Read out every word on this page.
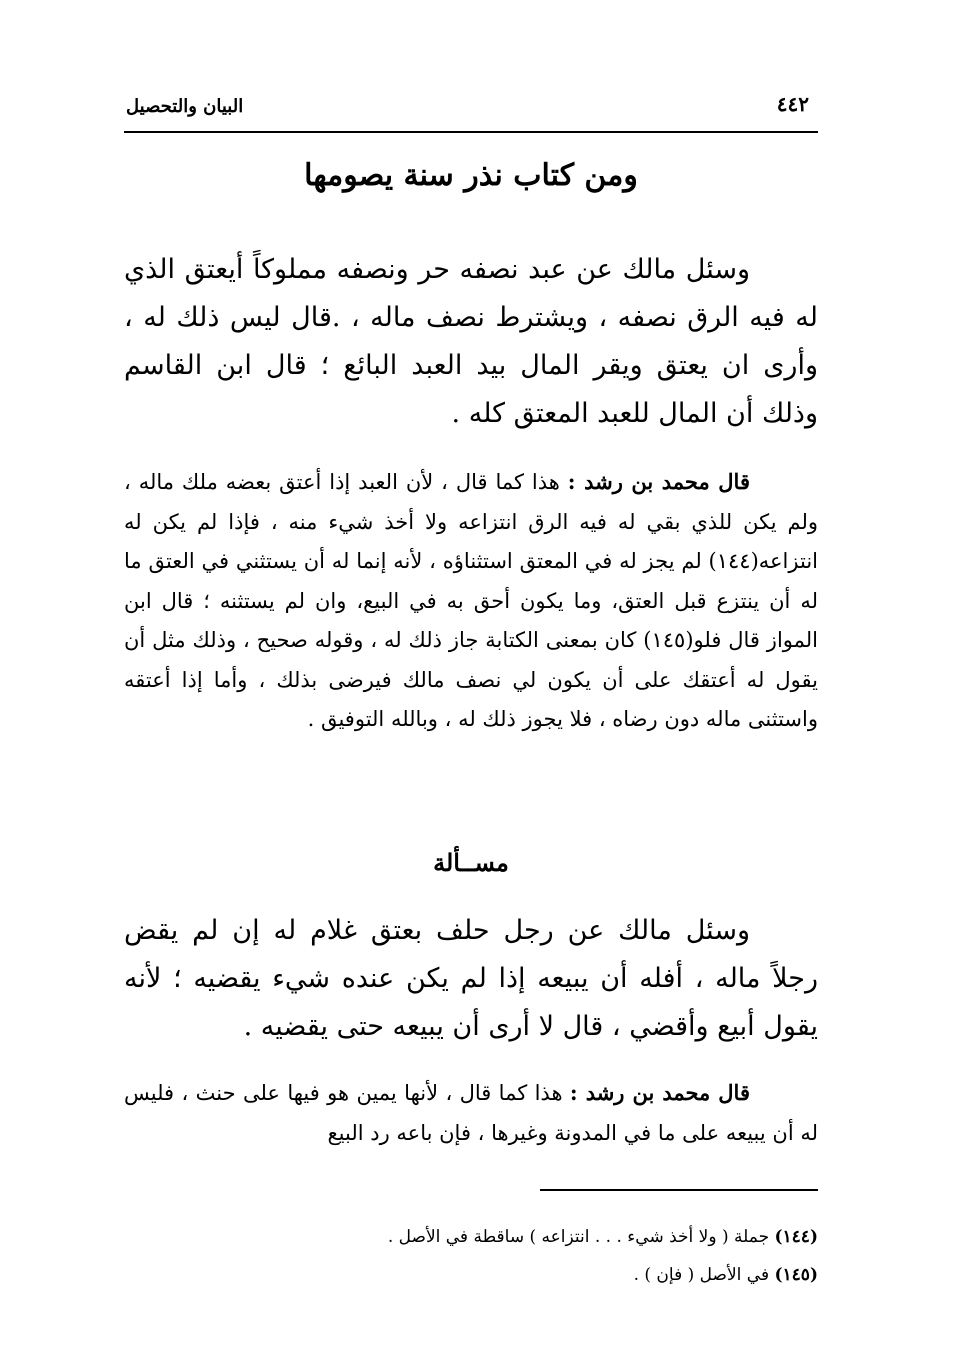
٤٤٢
البيان والتحصيل
ومن كتاب نذر سنة يصومها

وسئل مالك عن عبد نصفه حر ونصفه مملوكاً أيعتق الذي له فيه الرق نصفه ، ويشترط نصف ماله ، .قال ليس ذلك له ، وأرى ان يعتق ويقر المال بيد العبد البائع ؛ قال ابن القاسم وذلك أن المال للعبد المعتق كله .

قال محمد بن رشد : هذا كما قال ، لأن العبد إذا أعتق بعضه ملك ماله ، ولم يكن للذي بقي له فيه الرق انتزاعه ولا أخذ شيء منه ، فإذا لم يكن له انتزاعه(١٤٤) لم يجز له في المعتق استثناؤه ، لأنه إنما له أن يستثني في العتق ما له أن ينتزع قبل العتق، وما يكون أحق به في البيع، وان لم يستثنه ؛ قال ابن المواز قال فلو(١٤٥) كان بمعنى الكتابة جاز ذلك له ، وقوله صحيح ، وذلك مثل أن يقول له أعتقك على أن يكون لي نصف مالك فيرضى بذلك ، وأما إذا أعتقه واستثنى ماله دون رضاه ، فلا يجوز ذلك له ، وبالله التوفيق .

مســألة

وسئل مالك عن رجل حلف بعتق غلام له إن لم يقض رجلاً ماله ، أفله أن يبيعه إذا لم يكن عنده شيء يقضيه ؛ لأنه يقول أبيع وأقضي ، قال لا أرى أن يبيعه حتى يقضيه .

قال محمد بن رشد : هذا كما قال ، لأنها يمين هو فيها على حنث ، فليس له أن يبيعه على ما في المدونة وغيرها ، فإن باعه رد البيع

(١٤٤) جملة ( ولا أخذ شيء . . . انتزاعه ) ساقطة في الأصل .

(١٤٥) في الأصل ( فإن ) .
